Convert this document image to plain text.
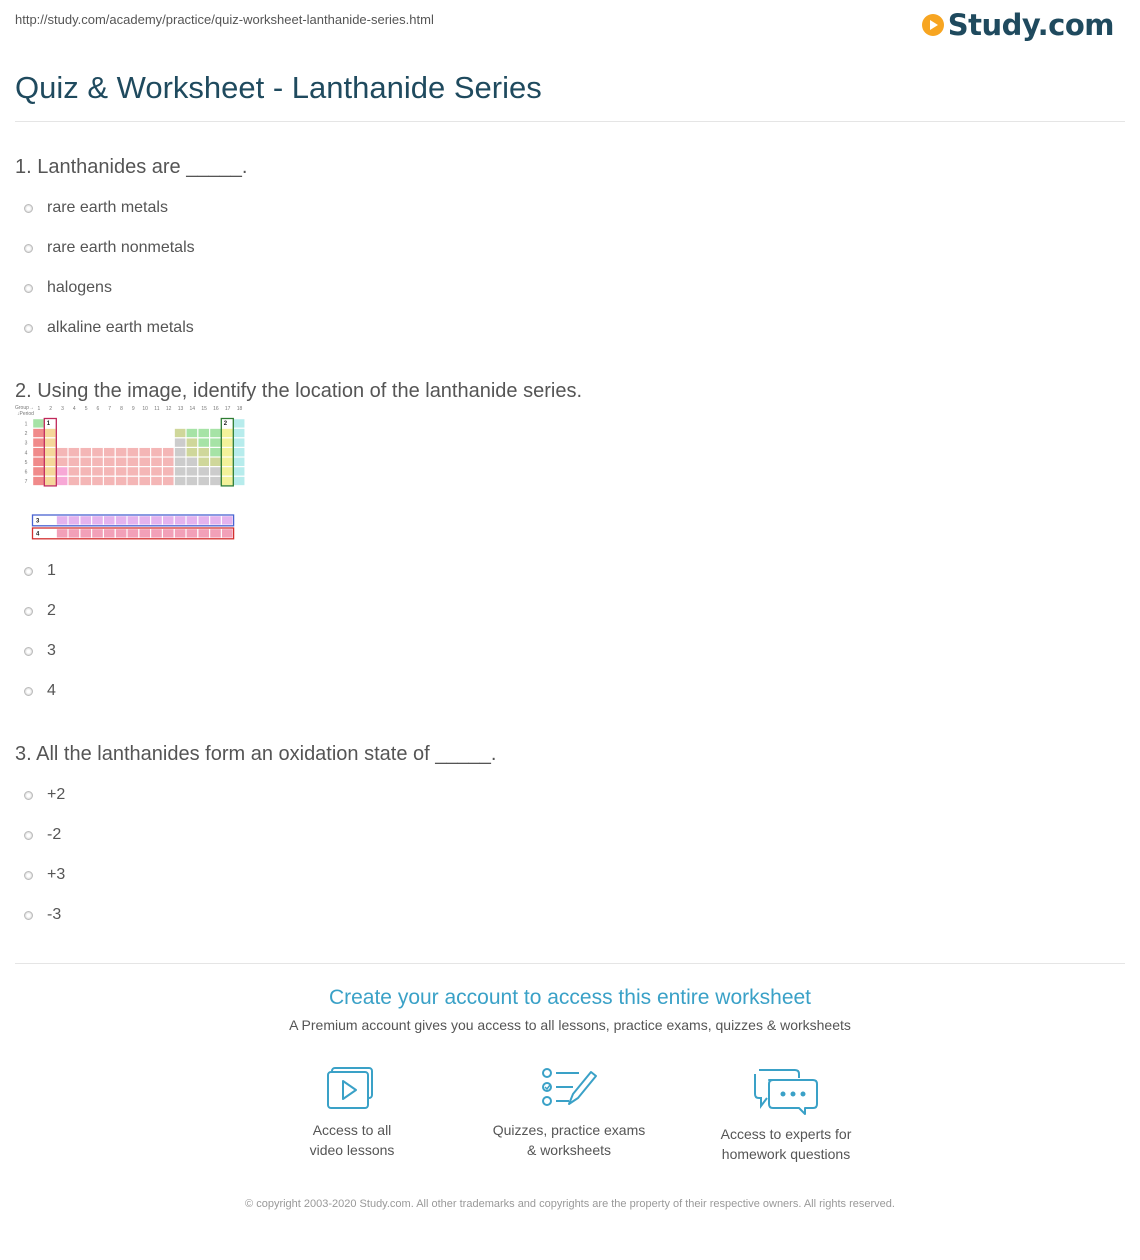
http://study.com/academy/practice/quiz-worksheet-lanthanide-series.html	Study.com
Quiz & Worksheet - Lanthanide Series
1. Lanthanides are _____.
rare earth metals
rare earth nonmetals
halogens
alkaline earth metals
2. Using the image, identify the location of the lanthanide series.
Group→
↓Period
1 2 3 4 5 6 7 8 9 10 11 12 13 14 15 16 17 18
1
2
3
4
5
6
7
1	2
3
4
1
2
3
4
3. All the lanthanides form an oxidation state of _____.
+2
-2
+3
-3
Create your account to access this entire worksheet
A Premium account gives you access to all lessons, practice exams, quizzes & worksheets
Access to all
video lessons
Quizzes, practice exams
& worksheets
Access to experts for
homework questions
© copyright 2003-2020 Study.com. All other trademarks and copyrights are the property of their respective owners. All rights reserved.
